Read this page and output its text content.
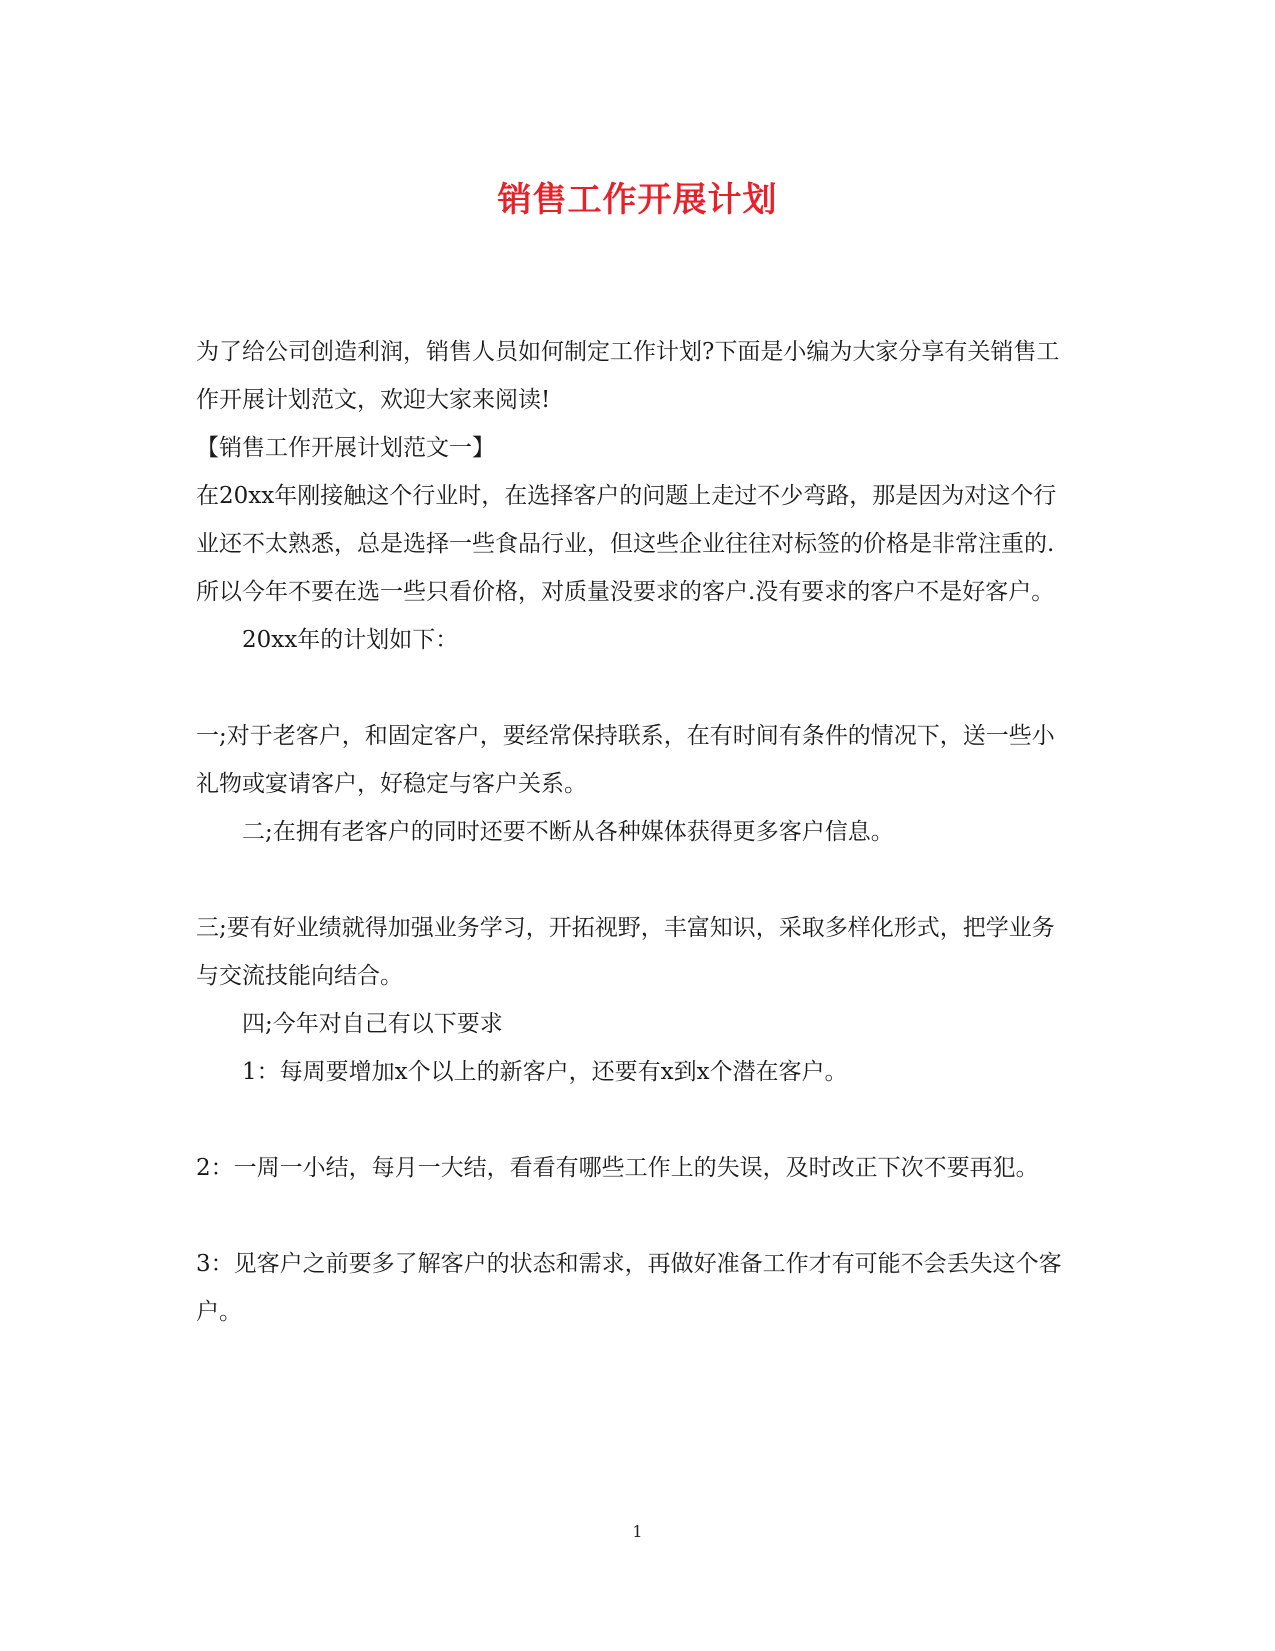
销售工作开展计划

为了给公司创造利润，销售人员如何制定工作计划?下面是小编为大家分享有关销售工作开展计划范文，欢迎大家来阅读!

【销售工作开展计划范文一】

在20xx年刚接触这个行业时，在选择客户的问题上走过不少弯路，那是因为对这个行业还不太熟悉，总是选择一些食品行业，但这些企业往往对标签的价格是非常注重的.所以今年不要在选一些只看价格，对质量没要求的客户.没有要求的客户不是好客户。

20xx年的计划如下：

一;对于老客户，和固定客户，要经常保持联系，在有时间有条件的情况下，送一些小礼物或宴请客户，好稳定与客户关系。

二;在拥有老客户的同时还要不断从各种媒体获得更多客户信息。

三;要有好业绩就得加强业务学习，开拓视野，丰富知识，采取多样化形式，把学业务与交流技能向结合。

四;今年对自己有以下要求

1：每周要增加x个以上的新客户，还要有x到x个潜在客户。

2：一周一小结，每月一大结，看看有哪些工作上的失误，及时改正下次不要再犯。

3：见客户之前要多了解客户的状态和需求，再做好准备工作才有可能不会丢失这个客户。

1
